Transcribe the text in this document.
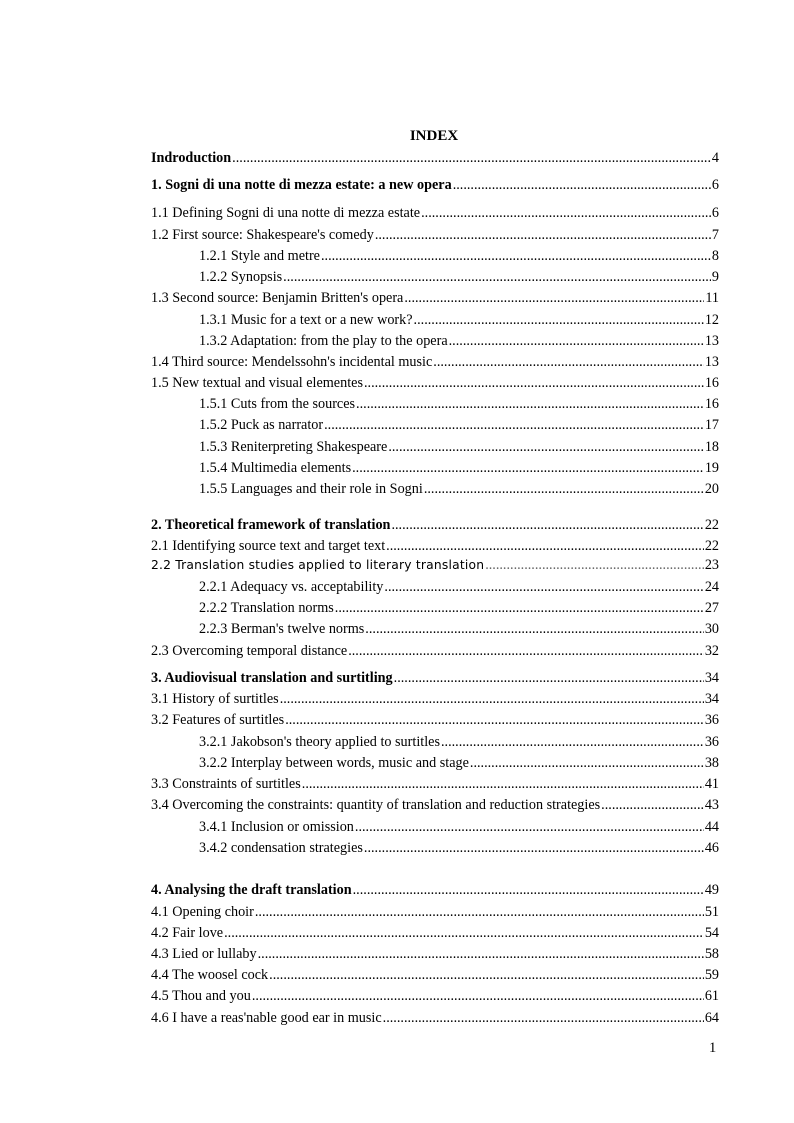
INDEX
Indroduction .....	4
1. Sogni di una notte di mezza estate: a new opera .....	6
1.1 Defining Sogni di una notte di mezza estate .....	6
1.2 First source: Shakespeare's comedy .....	7
1.2.1 Style and metre .....	8
1.2.2 Synopsis .....	9
1.3 Second source: Benjamin Britten's opera .....	11
1.3.1 Music for a text or a new work? .....	12
1.3.2 Adaptation: from the play to the opera .....	13
1.4 Third source: Mendelssohn's incidental music .....	13
1.5 New textual and visual elementes .....	16
1.5.1 Cuts from the sources .....	16
1.5.2 Puck as narrator .....	17
1.5.3 Reniterpreting Shakespeare .....	18
1.5.4 Multimedia elements .....	19
1.5.5 Languages and their role in Sogni .....	20
2. Theoretical framework of translation .....	22
2.1 Identifying source text and target text .....	22
2.2 Translation studies applied to literary translation .....	23
2.2.1 Adequacy vs. acceptability .....	24
2.2.2 Translation norms .....	27
2.2.3 Berman's twelve norms .....	30
2.3 Overcoming temporal distance .....	32
3. Audiovisual translation and surtitling .....	34
3.1 History of surtitles .....	34
3.2 Features of surtitles .....	36
3.2.1 Jakobson's theory applied to surtitles .....	36
3.2.2 Interplay between words, music and stage .....	38
3.3 Constraints of surtitles .....	41
3.4 Overcoming the constraints: quantity of translation and reduction strategies .....	43
3.4.1 Inclusion or omission .....	44
3.4.2 condensation strategies .....	46
4. Analysing the draft translation .....	49
4.1 Opening choir .....	51
4.2 Fair love .....	54
4.3 Lied or lullaby .....	58
4.4 The woosel cock .....	59
4.5 Thou and you .....	61
4.6 I have a reas'nable good ear in music .....	64
1
